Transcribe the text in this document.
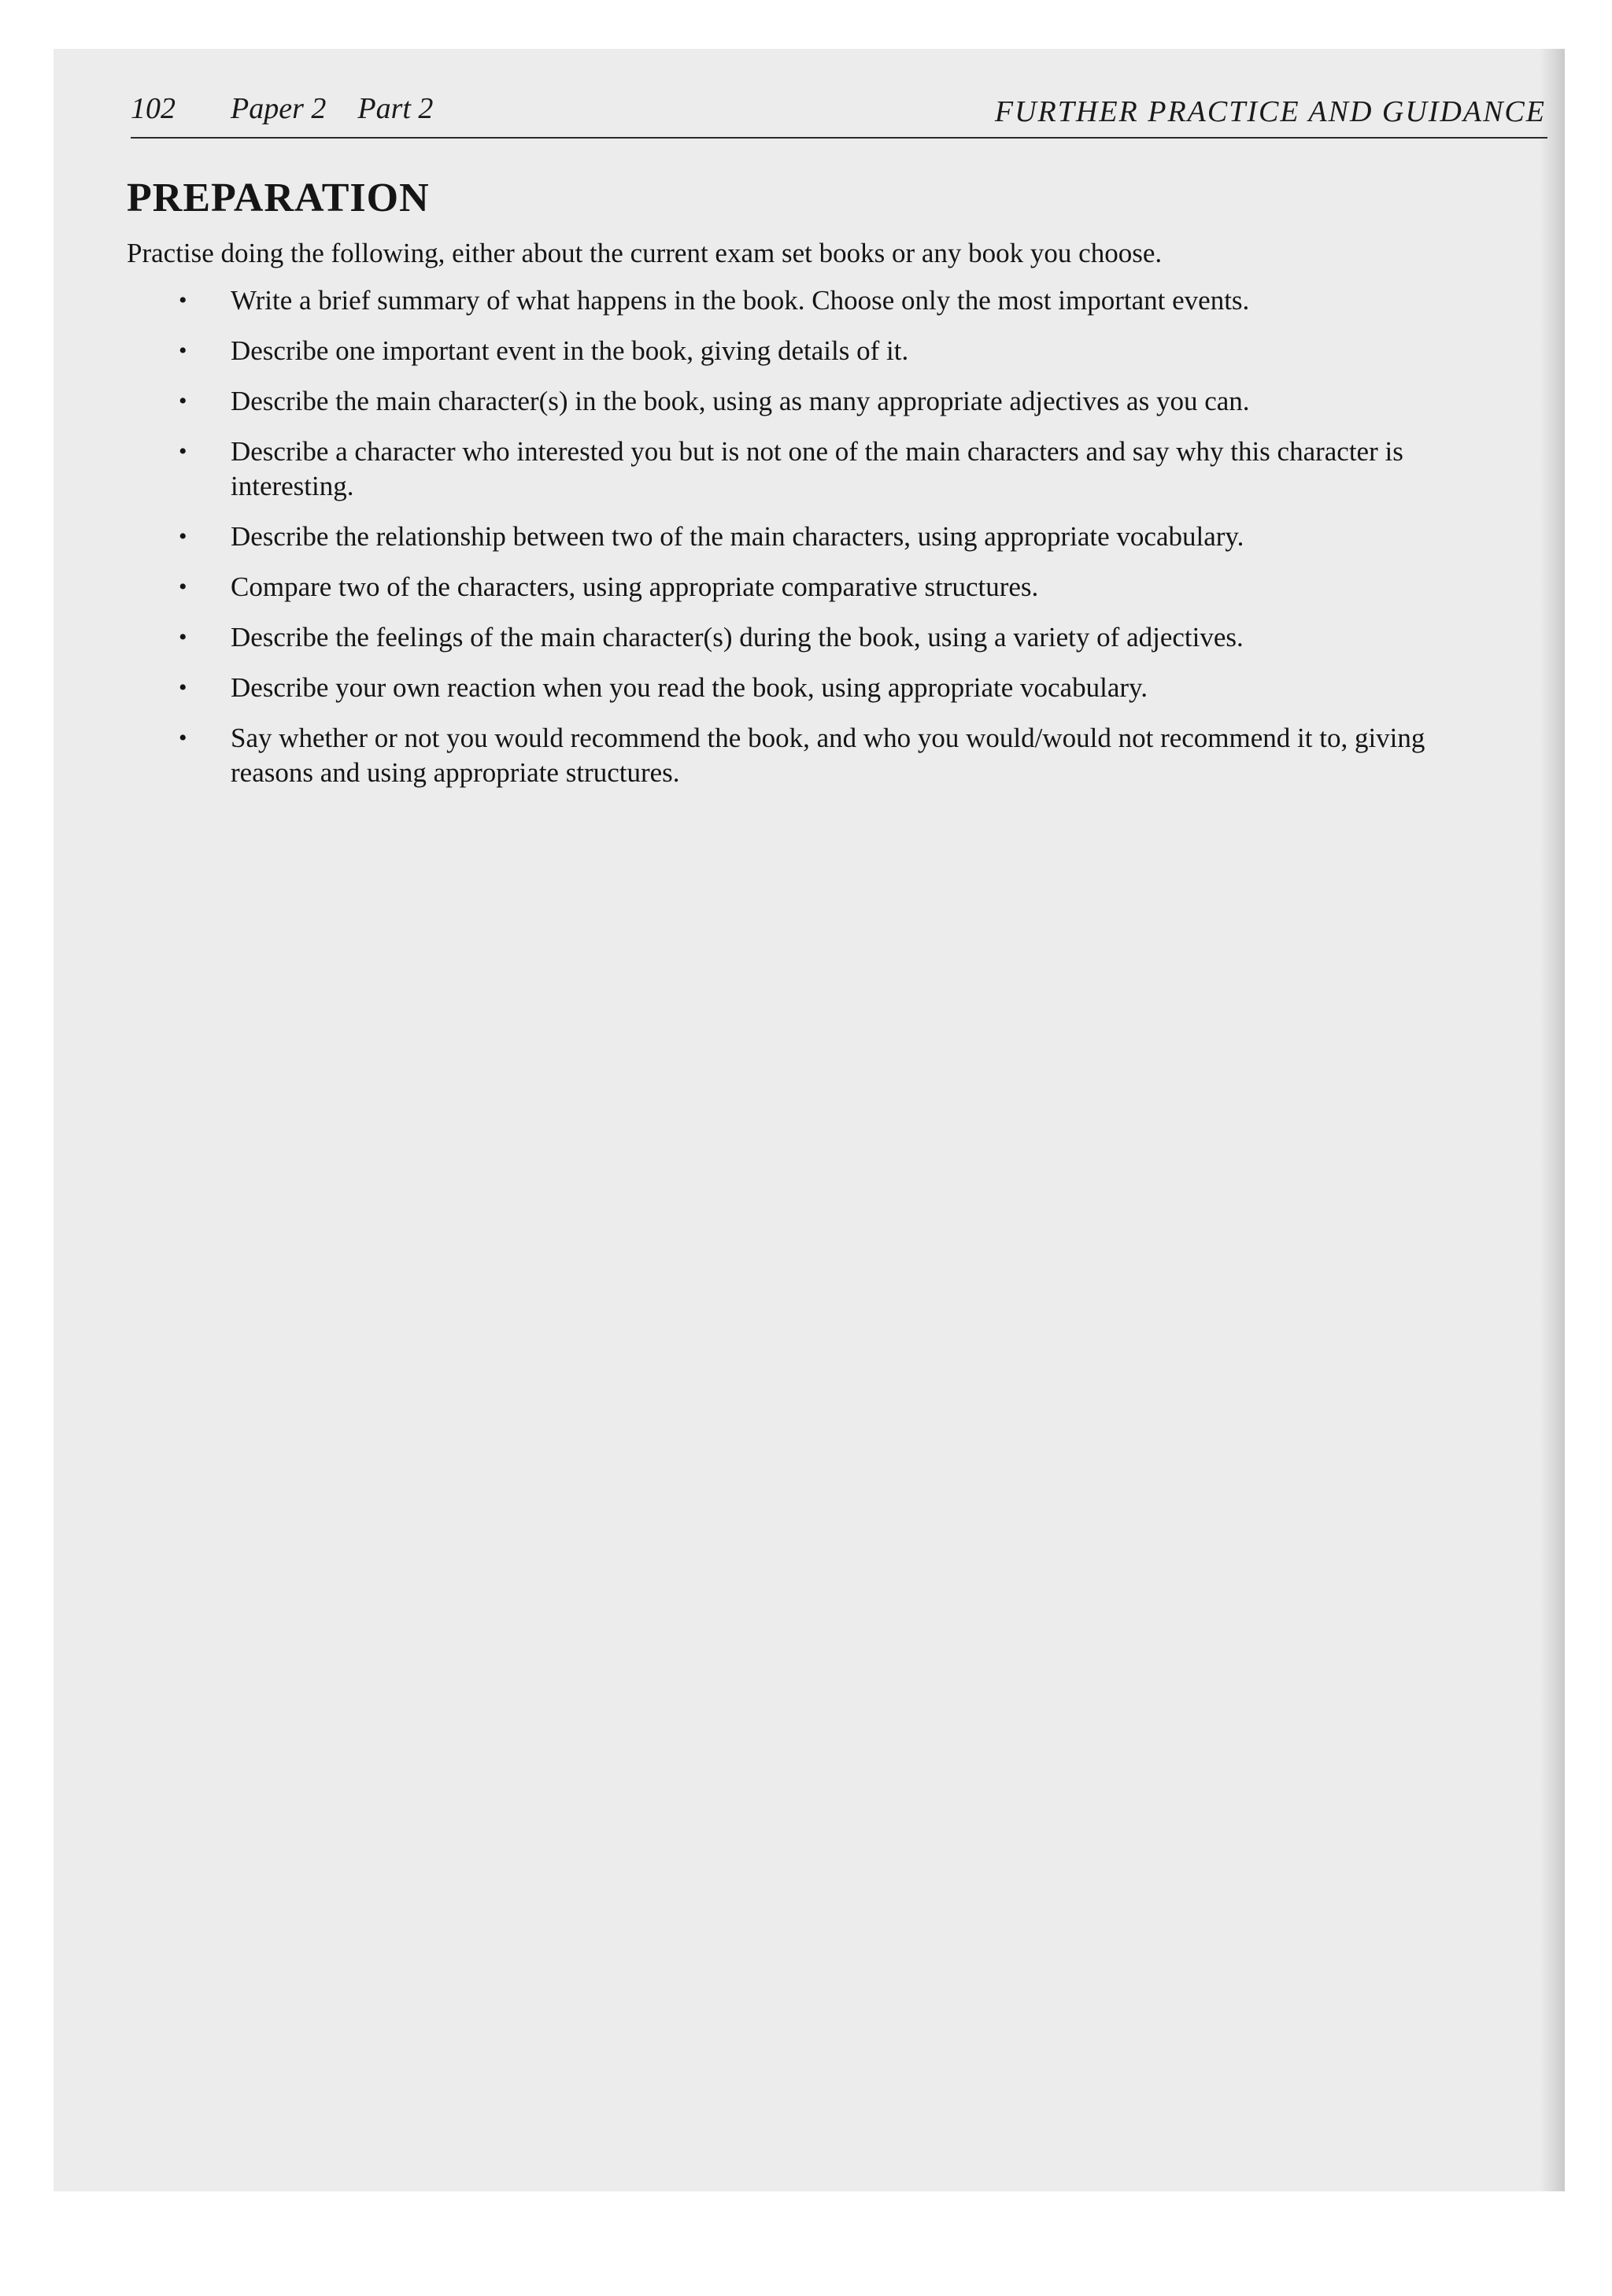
102 Paper 2 Part 2	FURTHER PRACTICE AND GUIDANCE
PREPARATION

Practise doing the following, either about the current exam set books or any book you choose.

• Write a brief summary of what happens in the book. Choose only the most important events.
• Describe one important event in the book, giving details of it.
• Describe the main character(s) in the book, using as many appropriate adjectives as you can.
• Describe a character who interested you but is not one of the main characters and say why this character is interesting.
• Describe the relationship between two of the main characters, using appropriate vocabulary.
• Compare two of the characters, using appropriate comparative structures.
• Describe the feelings of the main character(s) during the book, using a variety of adjectives.
• Describe your own reaction when you read the book, using appropriate vocabulary.
• Say whether or not you would recommend the book, and who you would/would not recommend it to, giving reasons and using appropriate structures.
